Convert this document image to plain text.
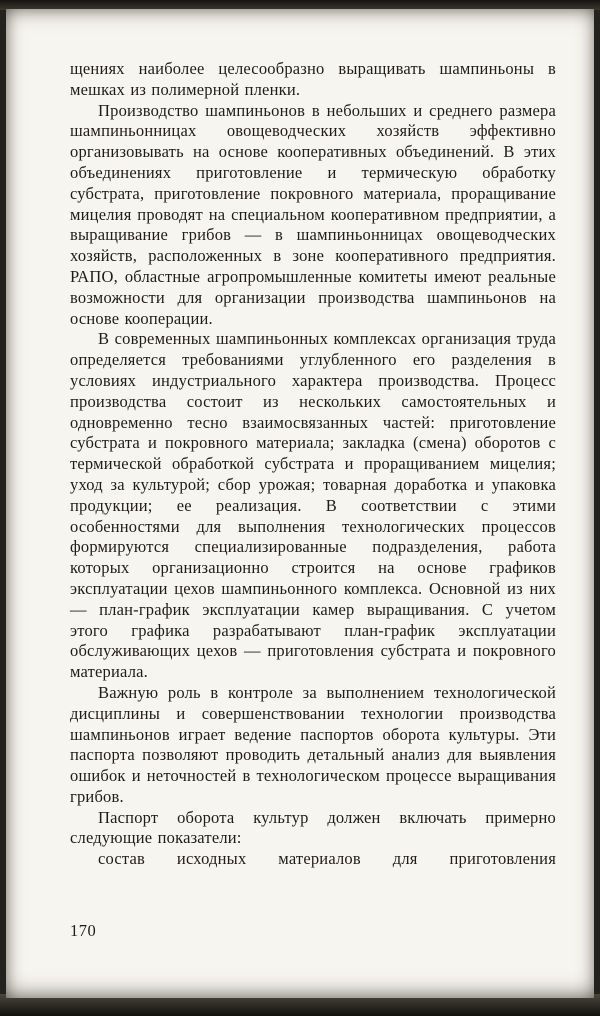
щениях наиболее целесообразно выращивать шампиньоны в мешках из полимерной пленки.

Производство шампиньонов в небольших и среднего размера шампиньонницах овощеводческих хозяйств эффективно организовывать на основе кооперативных объединений. В этих объединениях приготовление и термическую обработку субстрата, приготовление покровного материала, проращивание мицелия проводят на специальном кооперативном предприятии, а выращивание грибов — в шампиньонницах овощеводческих хозяйств, расположенных в зоне кооперативного предприятия. РАПО, областные агропромышленные комитеты имеют реальные возможности для организации производства шампиньонов на основе кооперации.

В современных шампиньонных комплексах организация труда определяется требованиями углубленного его разделения в условиях индустриального характера производства. Процесс производства состоит из нескольких самостоятельных и одновременно тесно взаимосвязанных частей: приготовление субстрата и покровного материала; закладка (смена) оборотов с термической обработкой субстрата и проращиванием мицелия; уход за культурой; сбор урожая; товарная доработка и упаковка продукции; ее реализация. В соответствии с этими особенностями для выполнения технологических процессов формируются специализированные подразделения, работа которых организационно строится на основе графиков эксплуатации цехов шампиньонного комплекса. Основной из них — план-график эксплуатации камер выращивания. С учетом этого графика разрабатывают план-график эксплуатации обслуживающих цехов — приготовления субстрата и покровного материала.

Важную роль в контроле за выполнением технологической дисциплины и совершенствовании технологии производства шампиньонов играет ведение паспортов оборота культуры. Эти паспорта позволяют проводить детальный анализ для выявления ошибок и неточностей в технологическом процессе выращивания грибов.

Паспорт оборота культур должен включать примерно следующие показатели:

состав исходных материалов для приготовления

170
